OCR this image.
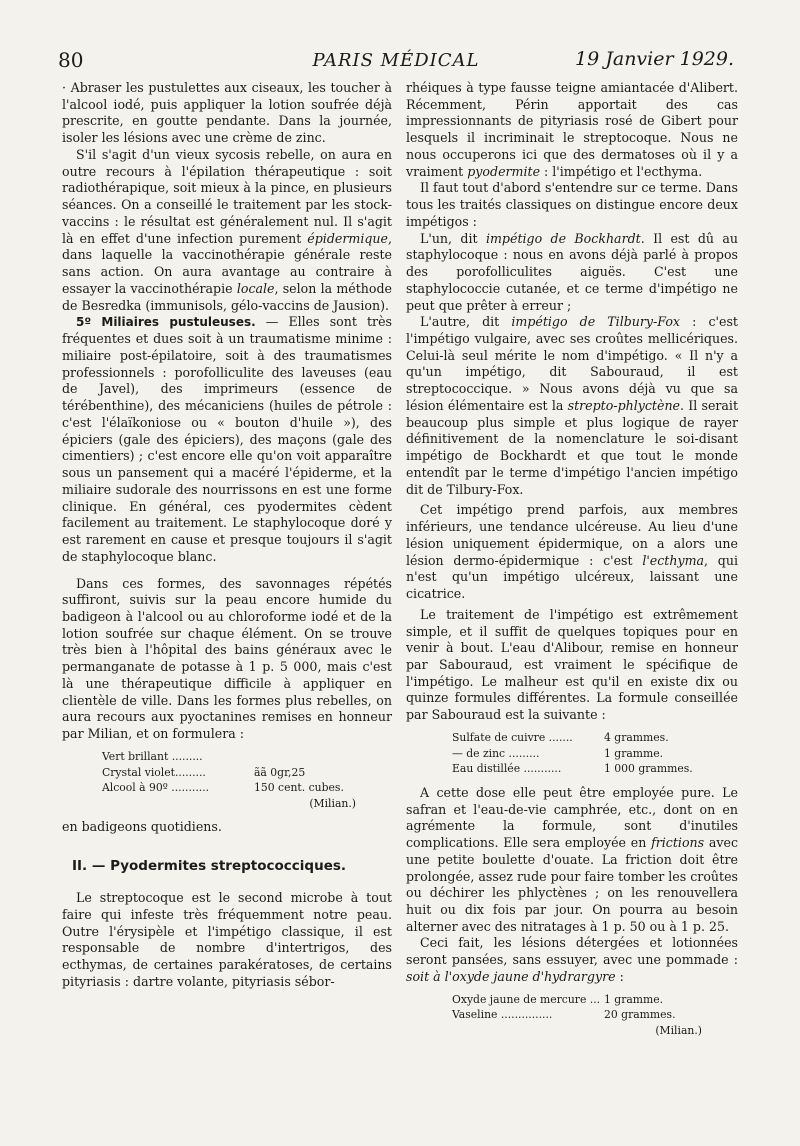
80	PARIS MÉDICAL	19 Janvier 1929.

· Abraser les pustulettes aux ciseaux, les toucher à l'alcool iodé, puis appliquer la lotion soufrée déjà prescrite, en goutte pendante. Dans la journée, isoler les lésions avec une crème de zinc.

S'il s'agit d'un vieux sycosis rebelle, on aura en outre recours à l'épilation thérapeutique : soit radiothérapique, soit mieux à la pince, en plusieurs séances. On a conseillé le traitement par les stock-vaccins : le résultat est généralement nul. Il s'agit là en effet d'une infection purement épidermique, dans laquelle la vaccinothérapie générale reste sans action. On aura avantage au contraire à essayer la vaccinothérapie locale, selon la méthode de Besredka (immunisols, gélo-vaccins de Jausion).

5º Miliaires pustuleuses. — Elles sont très fréquentes et dues soit à un traumatisme minime : miliaire post-épilatoire, soit à des traumatismes professionnels : porofolliculite des laveuses (eau de Javel), des imprimeurs (essence de térébenthine), des mécaniciens (huiles de pétrole : c'est l'élaïkoniose ou « bouton d'huile »), des épiciers (gale des épiciers), des maçons (gale des cimentiers) ; c'est encore elle qu'on voit apparaître sous un pansement qui a macéré l'épiderme, et la miliaire sudorale des nourrissons en est une forme clinique. En général, ces pyodermites cèdent facilement au traitement. Le staphylocoque doré y est rarement en cause et presque toujours il s'agit de staphylocoque blanc.

Dans ces formes, des savonnages répétés suffiront, suivis sur la peau encore humide du badigeon à l'alcool ou au chloroforme iodé et de la lotion soufrée sur chaque élément. On se trouve très bien à l'hôpital des bains généraux avec le permanganate de potasse à 1 p. 5 000, mais c'est là une thérapeutique difficile à appliquer en clientèle de ville. Dans les formes plus rebelles, on aura recours aux pyoctanines remises en honneur par Milian, et on formulera :

Vert brillant .........
Crystal violet.........	ãã 0gr,25
Alcool à 90º ...........	150 cent. cubes.
(Milian.)

en badigeons quotidiens.

II. — Pyodermites streptococciques.

Le streptocoque est le second microbe à tout faire qui infeste très fréquemment notre peau. Outre l'érysipèle et l'impétigo classique, il est responsable de nombre d'intertrigos, des ecthymas, de certaines parakératoses, de certains pityriasis : dartre volante, pityriasis sébor-

rhéiques à type fausse teigne amiantacée d'Alibert. Récemment, Périn apportait des cas impressionnants de pityriasis rosé de Gibert pour lesquels il incriminait le streptocoque. Nous ne nous occuperons ici que des dermatoses où il y a vraiment pyodermite : l'impétigo et l'ecthyma.

Il faut tout d'abord s'entendre sur ce terme. Dans tous les traités classiques on distingue encore deux impétigos :

L'un, dit impétigo de Bockhardt. Il est dû au staphylocoque : nous en avons déjà parlé à propos des porofolliculites aiguës. C'est une staphylococcie cutanée, et ce terme d'impétigo ne peut que prêter à erreur ;

L'autre, dit impétigo de Tilbury-Fox : c'est l'impétigo vulgaire, avec ses croûtes mellicériques. Celui-là seul mérite le nom d'impétigo. « Il n'y a qu'un impétigo, dit Sabouraud, il est streptococcique. » Nous avons déjà vu que sa lésion élémentaire est la strepto-phlyctène. Il serait beaucoup plus simple et plus logique de rayer définitivement de la nomenclature le soi-disant impétigo de Bockhardt et que tout le monde entendît par le terme d'impétigo l'ancien impétigo dit de Tilbury-Fox.

Cet impétigo prend parfois, aux membres inférieurs, une tendance ulcéreuse. Au lieu d'une lésion uniquement épidermique, on a alors une lésion dermo-épidermique : c'est l'ecthyma, qui n'est qu'un impétigo ulcéreux, laissant une cicatrice.

Le traitement de l'impétigo est extrêmement simple, et il suffit de quelques topiques pour en venir à bout. L'eau d'Alibour, remise en honneur par Sabouraud, est vraiment le spécifique de l'impétigo. Le malheur est qu'il en existe dix ou quinze formules différentes. La formule conseillée par Sabouraud est la suivante :

Sulfate de cuivre .......	4 grammes.
— de zinc .........	1 gramme.
Eau distillée ...........	1 000 grammes.

A cette dose elle peut être employée pure. Le safran et l'eau-de-vie camphrée, etc., dont on en agrémente la formule, sont d'inutiles complications. Elle sera employée en frictions avec une petite boulette d'ouate. La friction doit être prolongée, assez rude pour faire tomber les croûtes ou déchirer les phlyctènes ; on les renouvellera huit ou dix fois par jour. On pourra au besoin alterner avec des nitratages à 1 p. 50 ou à 1 p. 25.

Ceci fait, les lésions détergées et lotionnées seront pansées, sans essuyer, avec une pommade : soit à l'oxyde jaune d'hydrargyre :

Oxyde jaune de mercure ... 1 gramme.
Vaseline ...............	20 grammes.
(Milian.)
